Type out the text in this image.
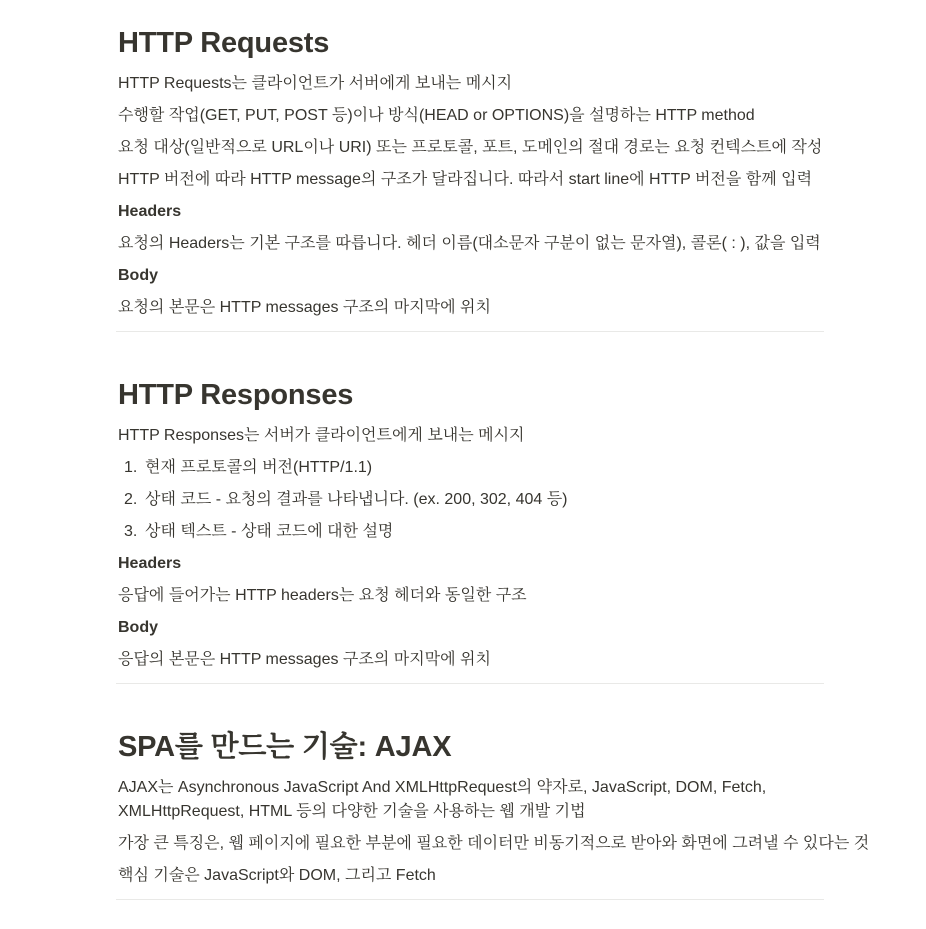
HTTP Requests

HTTP Requests는 클라이언트가 서버에게 보내는 메시지

수행할 작업(GET, PUT, POST 등)이나 방식(HEAD or OPTIONS)을 설명하는 HTTP method

요청 대상(일반적으로 URL이나 URI) 또는 프로토콜, 포트, 도메인의 절대 경로는 요청 컨텍스트에 작성

HTTP 버전에 따라 HTTP message의 구조가 달라집니다. 따라서 start line에 HTTP 버전을 함께 입력

Headers

요청의 Headers는 기본 구조를 따릅니다. 헤더 이름(대소문자 구분이 없는 문자열), 콜론( : ), 값을 입력

Body

요청의 본문은 HTTP messages 구조의 마지막에 위치

HTTP Responses

HTTP Responses는 서버가 클라이언트에게 보내는 메시지

1. 현재 프로토콜의 버전(HTTP/1.1)
2. 상태 코드 - 요청의 결과를 나타냅니다. (ex. 200, 302, 404 등)
3. 상태 텍스트 - 상태 코드에 대한 설명

Headers

응답에 들어가는 HTTP headers는 요청 헤더와 동일한 구조

Body

응답의 본문은 HTTP messages 구조의 마지막에 위치

SPA를 만드는 기술: AJAX

AJAX는 Asynchronous JavaScript And XMLHttpRequest의 약자로, JavaScript, DOM, Fetch, XMLHttpRequest, HTML 등의 다양한 기술을 사용하는 웹 개발 기법

가장 큰 특징은, 웹 페이지에 필요한 부분에 필요한 데이터만 비동기적으로 받아와 화면에 그려낼 수 있다는 것

핵심 기술은 JavaScript와 DOM, 그리고 Fetch
